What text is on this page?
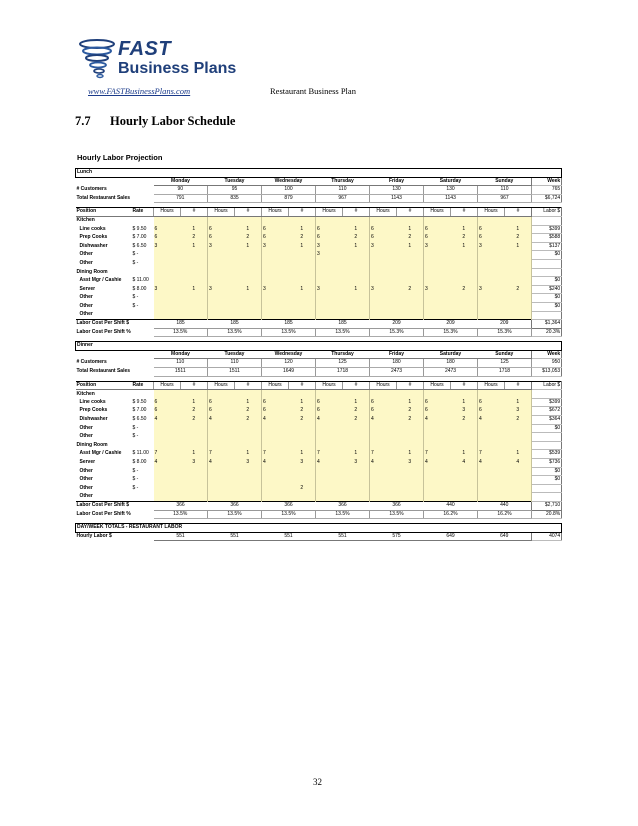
FAST
Business Plans
www.FASTBusinessPlans.com	Restaurant Business Plan
7.7 Hourly Labor Schedule
Hourly Labor Projection
Lunch																
		Monday		Tuesday		Wednesday		Thursday		Friday		Saturday		Sunday		Week
# Customers		90		95		100		110		130		130		110		765
Total Restaurant Sales		791		835		879		967		1143		1143		967		$6,724

Position	Rate	Hours	#	Hours	#	Hours	#	Hours	#	Hours	#	Hours	#	Hours	#	Labor $
Kitchen																
Line cooks	$ 9.50	6	1	6	1	6	1	6	1	6	1	6	1	6	1	$399
Prep Cooks	$ 7.00	6	2	6	2	6	2	6	2	6	2	6	2	6	2	$588
Dishwasher	$ 6.50	3	1	3	1	3	1	3	1	3	1	3	1	3	1	$137
Other	$ -							3								$0
Other	$ -															
Dining Room																
Asst Mgr / Cashie	$ 11.00															$0
Server	$ 8.00	3	1	3	1	3	1	3	1	3	2	3	2	3	2	$240
Other	$ -															$0
Other	$ -															$0
Other																
Labor Cost Per Shift $		185		185		185		185		209		209		209		$1,364
Labor Cost Per Shift %		13.5%		13.5%		13.5%		13.5%		15.3%		15.3%		15.3%		20.3%

Dinner																
		Monday		Tuesday		Wednesday		Thursday		Friday		Saturday		Sunday		Week
# Customers		110		110		120		125		180		180		125		950
Total Restaurant Sales		1511		1511		1649		1718		2473		2473		1718		$13,053

Position	Rate	Hours	#	Hours	#	Hours	#	Hours	#	Hours	#	Hours	#	Hours	#	Labor $
Kitchen																
Line cooks	$ 9.50	6	1	6	1	6	1	6	1	6	1	6	1	6	1	$399
Prep Cooks	$ 7.00	6	2	6	2	6	2	6	2	6	2	6	3	6	3	$672
Dishwasher	$ 6.50	4	2	4	2	4	2	4	2	4	2	4	2	4	2	$364
Other	$ -															$0
Other	$ -															
Dining Room																
Asst Mgr / Cashie	$ 11.00	7	1	7	1	7	1	7	1	7	1	7	1	7	1	$539
Server	$ 8.00	4	3	4	3	4	3	4	3	4	3	4	4	4	4	$736
Other	$ -															$0
Other	$ -															$0
Other	$ -						2									
Other																
Labor Cost Per Shift $		366		366		366		366		366		440		440		$2,710
Labor Cost Per Shift %		13.5%		13.5%		13.5%		13.5%		13.5%		16.2%		16.2%		20.8%

DAY/WEEK TOTALS - RESTAURANT LABOR																
Hourly Labor $		551		551		551		551		575		649		649		4074
32
